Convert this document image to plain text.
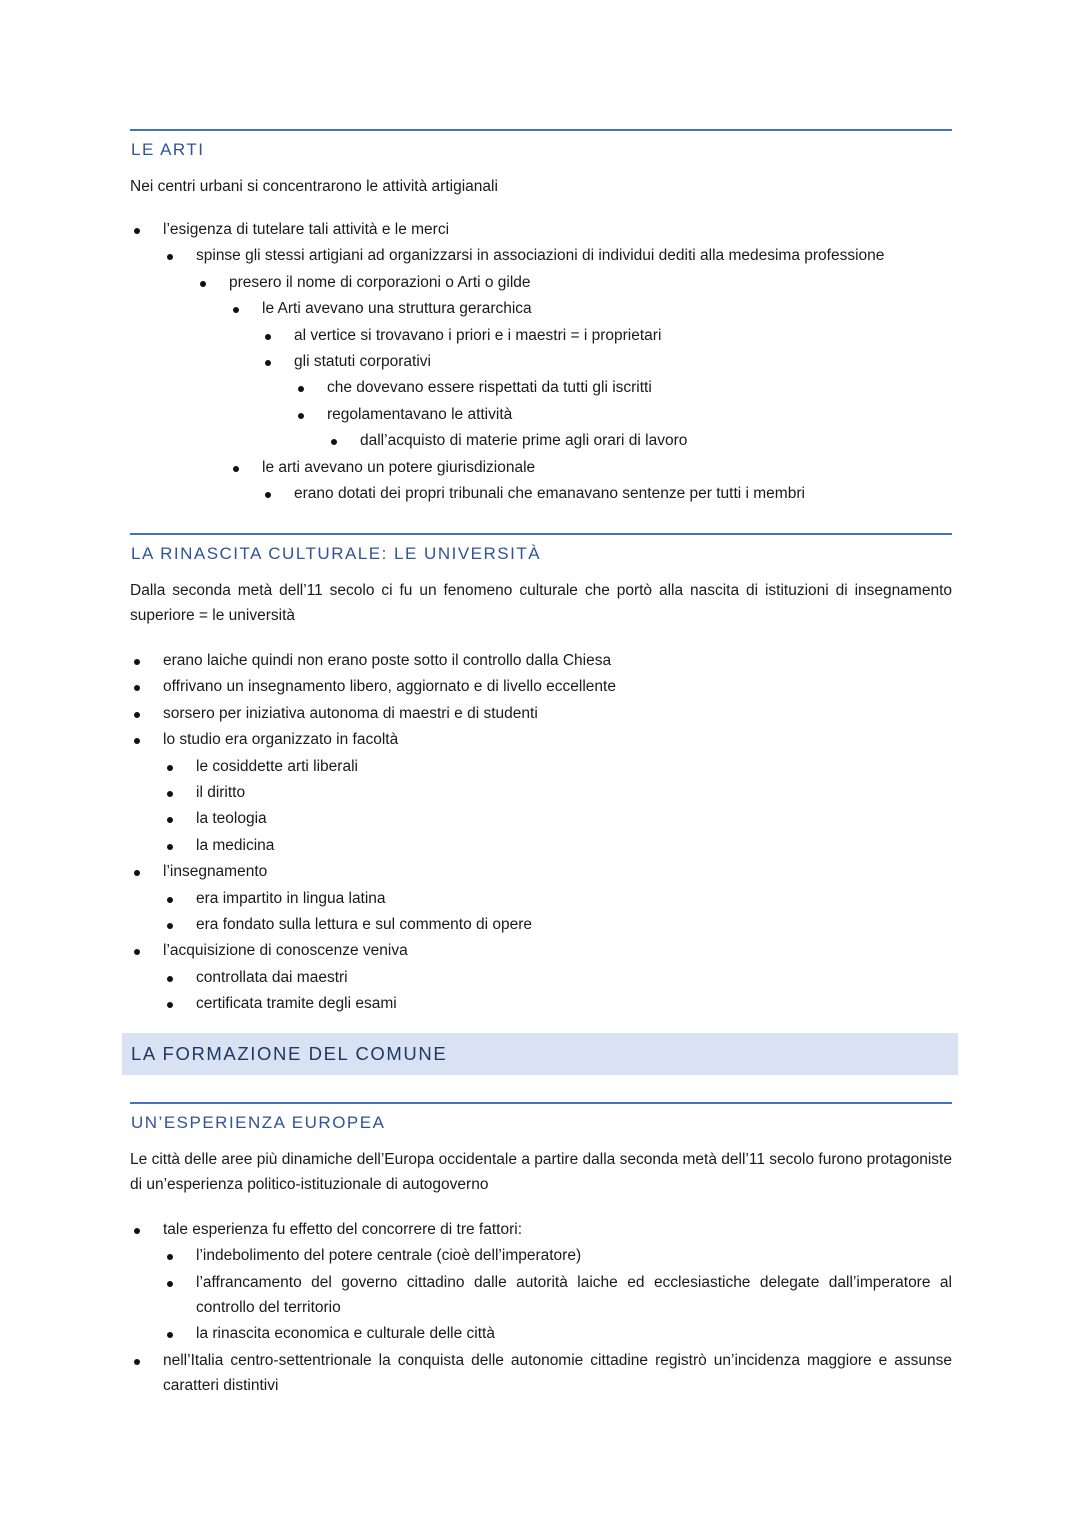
LE ARTI

Nei centri urbani si concentrarono le attività artigianali

l’esigenza di tutelare tali attività e le merci
spinse gli stessi artigiani ad organizzarsi in associazioni di individui dediti alla medesima professione
presero il nome di corporazioni o Arti o gilde
le Arti avevano una struttura gerarchica
al vertice si trovavano i priori e i maestri = i proprietari
gli statuti corporativi
che dovevano essere rispettati da tutti gli iscritti
regolamentavano le attività
dall’acquisto di materie prime agli orari di lavoro
le arti avevano un potere giurisdizionale
erano dotati dei propri tribunali che emanavano sentenze per tutti i membri
LA RINASCITA CULTURALE: LE UNIVERSITÀ

Dalla seconda metà dell’11 secolo ci fu un fenomeno culturale che portò alla nascita di istituzioni di insegnamento superiore = le università

erano laiche quindi non erano poste sotto il controllo dalla Chiesa
offrivano un insegnamento libero, aggiornato e di livello eccellente
sorsero per iniziativa autonoma di maestri e di studenti
lo studio era organizzato in facoltà
le cosiddette arti liberali
il diritto
la teologia
la medicina
l’insegnamento
era impartito in lingua latina
era fondato sulla lettura e sul commento di opere
l’acquisizione di conoscenze veniva
controllata dai maestri
certificata tramite degli esami
LA FORMAZIONE DEL COMUNE
UN’ESPERIENZA EUROPEA

Le città delle aree più dinamiche dell’Europa occidentale a partire dalla seconda metà dell’11 secolo furono protagoniste di un’esperienza politico-istituzionale di autogoverno

tale esperienza fu effetto del concorrere di tre fattori:
l’indebolimento del potere centrale (cioè dell’imperatore)
l’affrancamento del governo cittadino dalle autorità laiche ed ecclesiastiche delegate dall’imperatore al controllo del territorio
la rinascita economica e culturale delle città
nell’Italia centro-settentrionale la conquista delle autonomie cittadine registrò un’incidenza maggiore e assunse caratteri distintivi
